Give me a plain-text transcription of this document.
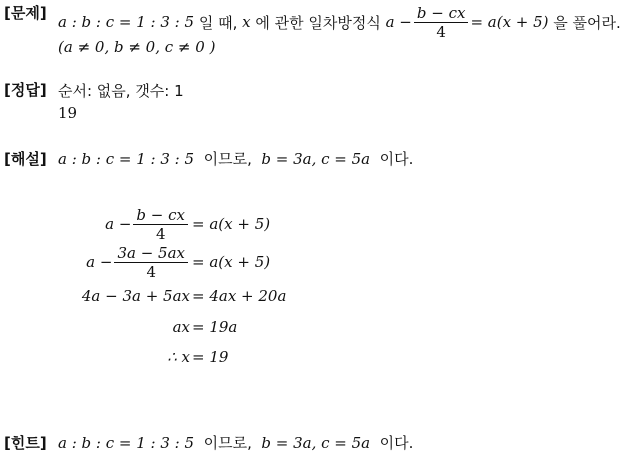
[문제] a : b : c = 1 : 3 : 5 일 때, x 에 관한 일차방정식 $a - \frac{b - cx}{4} = a(x + 5)$ 을 풀어라.
(a ≠ 0, b ≠ 0, c ≠ 0 )
[정답] 순서: 없음, 갯수: 1
19
[해설] a : b : c = 1 : 3 : 5  이므로,  b = 3a, c = 5a  이다.
$a - \frac{b - cx}{4} = a(x + 5)$
$a - \frac{3a - 5ax}{4} = a(x + 5)$
4a − 3a + 5ax = 4ax + 20a
ax = 19a
∴ x = 19
[힌트] a : b : c = 1 : 3 : 5  이므로,  b = 3a, c = 5a  이다.
